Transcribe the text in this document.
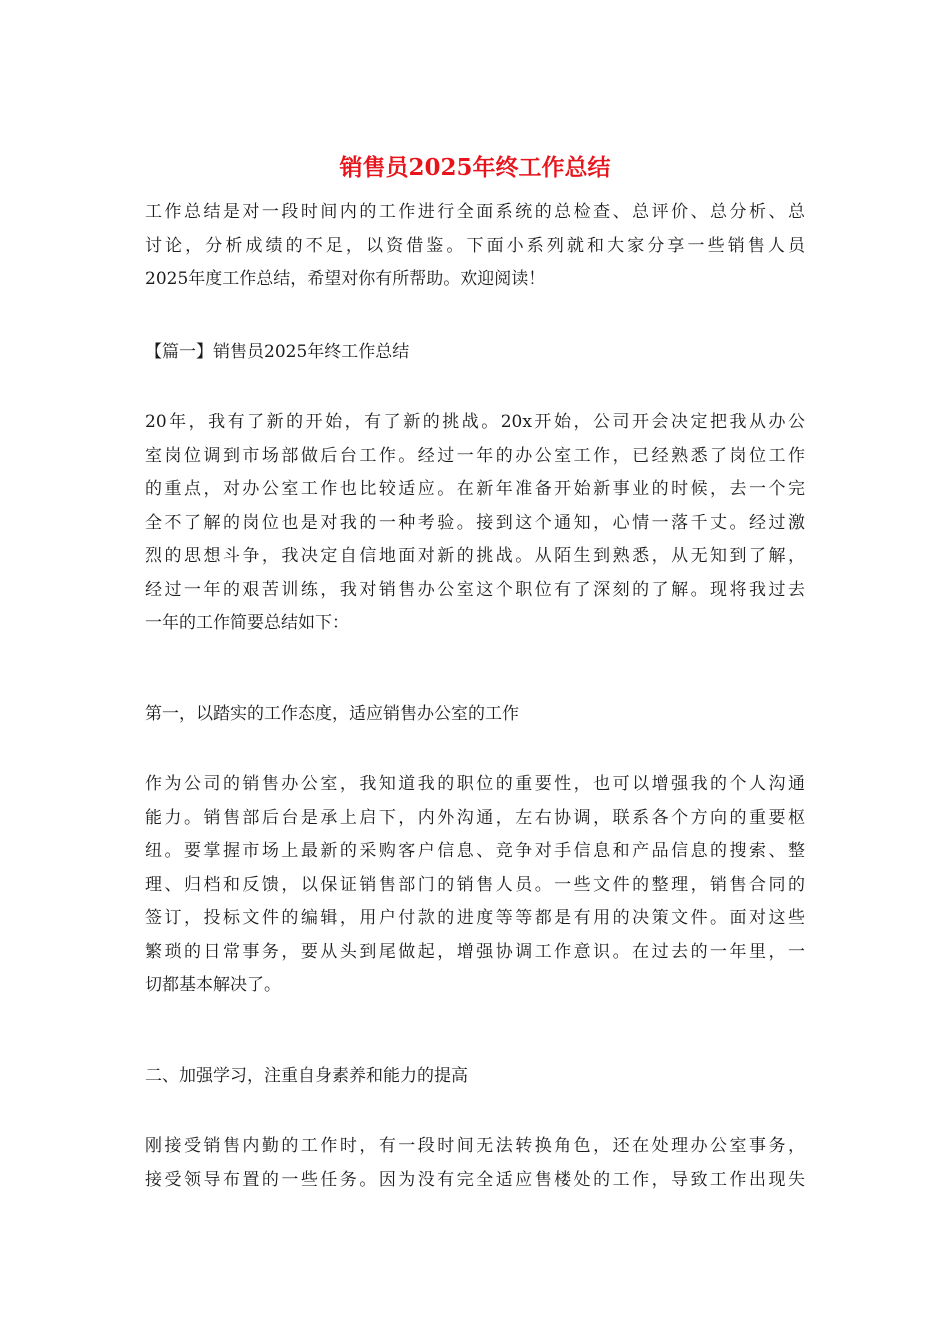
销售员2025年终工作总结
工作总结是对一段时间内的工作进行全面系统的总检查、总评价、总分析、总
讨论，分析成绩的不足，以资借鉴。下面小系列就和大家分享一些销售人员
2025年度工作总结，希望对你有所帮助。欢迎阅读！
【篇一】销售员2025年终工作总结
20年，我有了新的开始，有了新的挑战。20x开始，公司开会决定把我从办公
室岗位调到市场部做后台工作。经过一年的办公室工作，已经熟悉了岗位工作
的重点，对办公室工作也比较适应。在新年准备开始新事业的时候，去一个完
全不了解的岗位也是对我的一种考验。接到这个通知，心情一落千丈。经过激
烈的思想斗争，我决定自信地面对新的挑战。从陌生到熟悉，从无知到了解，
经过一年的艰苦训练，我对销售办公室这个职位有了深刻的了解。现将我过去
一年的工作简要总结如下：
第一，以踏实的工作态度，适应销售办公室的工作
作为公司的销售办公室，我知道我的职位的重要性，也可以增强我的个人沟通
能力。销售部后台是承上启下，内外沟通，左右协调，联系各个方向的重要枢
纽。要掌握市场上最新的采购客户信息、竞争对手信息和产品信息的搜索、整
理、归档和反馈，以保证销售部门的销售人员。一些文件的整理，销售合同的
签订，投标文件的编辑，用户付款的进度等等都是有用的决策文件。面对这些
繁琐的日常事务，要从头到尾做起，增强协调工作意识。在过去的一年里，一
切都基本解决了。
二、加强学习，注重自身素养和能力的提高
刚接受销售内勤的工作时，有一段时间无法转换角色，还在处理办公室事务，
接受领导布置的一些任务。因为没有完全适应售楼处的工作，导致工作出现失
